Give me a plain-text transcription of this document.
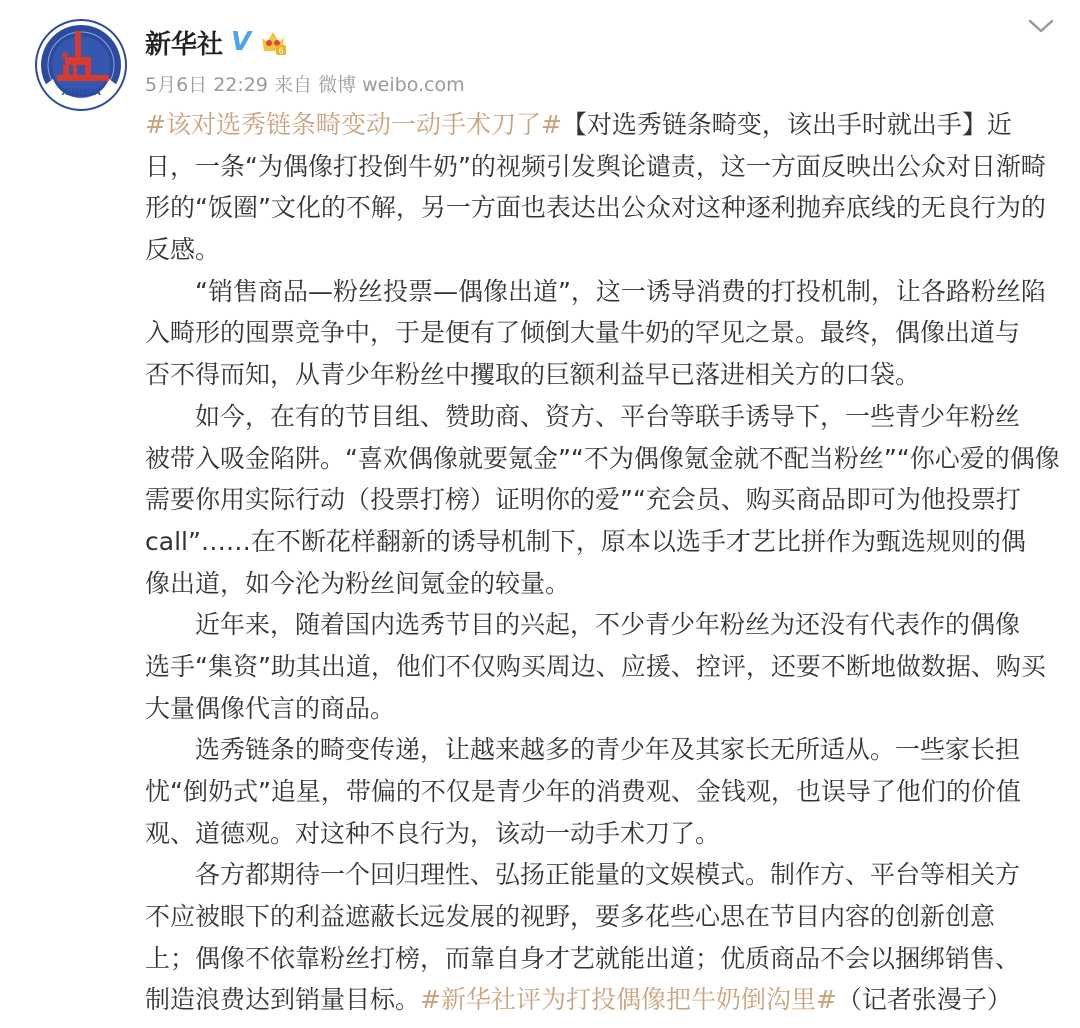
XINHUA
新华社 V	6
5月6日 22:29 来自 微博 weibo.com
#该对选秀链条畸变动一动手术刀了#【对选秀链条畸变，该出手时就出手】近
日，一条“为偶像打投倒牛奶”的视频引发舆论谴责，这一方面反映出公众对日渐畸
形的“饭圈”文化的不解，另一方面也表达出公众对这种逐利抛弃底线的无良行为的
反感。
“销售商品—粉丝投票—偶像出道”，这一诱导消费的打投机制，让各路粉丝陷
入畸形的囤票竞争中，于是便有了倾倒大量牛奶的罕见之景。最终，偶像出道与
否不得而知，从青少年粉丝中攫取的巨额利益早已落进相关方的口袋。
如今，在有的节目组、赞助商、资方、平台等联手诱导下，一些青少年粉丝
被带入吸金陷阱。“喜欢偶像就要氪金”“不为偶像氪金就不配当粉丝”“你心爱的偶像
需要你用实际行动（投票打榜）证明你的爱”“充会员、购买商品即可为他投票打
call”……在不断花样翻新的诱导机制下，原本以选手才艺比拼作为甄选规则的偶
像出道，如今沦为粉丝间氪金的较量。
近年来，随着国内选秀节目的兴起，不少青少年粉丝为还没有代表作的偶像
选手“集资”助其出道，他们不仅购买周边、应援、控评，还要不断地做数据、购买
大量偶像代言的商品。
选秀链条的畸变传递，让越来越多的青少年及其家长无所适从。一些家长担
忧“倒奶式”追星，带偏的不仅是青少年的消费观、金钱观，也误导了他们的价值
观、道德观。对这种不良行为，该动一动手术刀了。
各方都期待一个回归理性、弘扬正能量的文娱模式。制作方、平台等相关方
不应被眼下的利益遮蔽长远发展的视野，要多花些心思在节目内容的创新创意
上；偶像不依靠粉丝打榜，而靠自身才艺就能出道；优质商品不会以捆绑销售、
制造浪费达到销量目标。#新华社评为打投偶像把牛奶倒沟里#（记者张漫子）
